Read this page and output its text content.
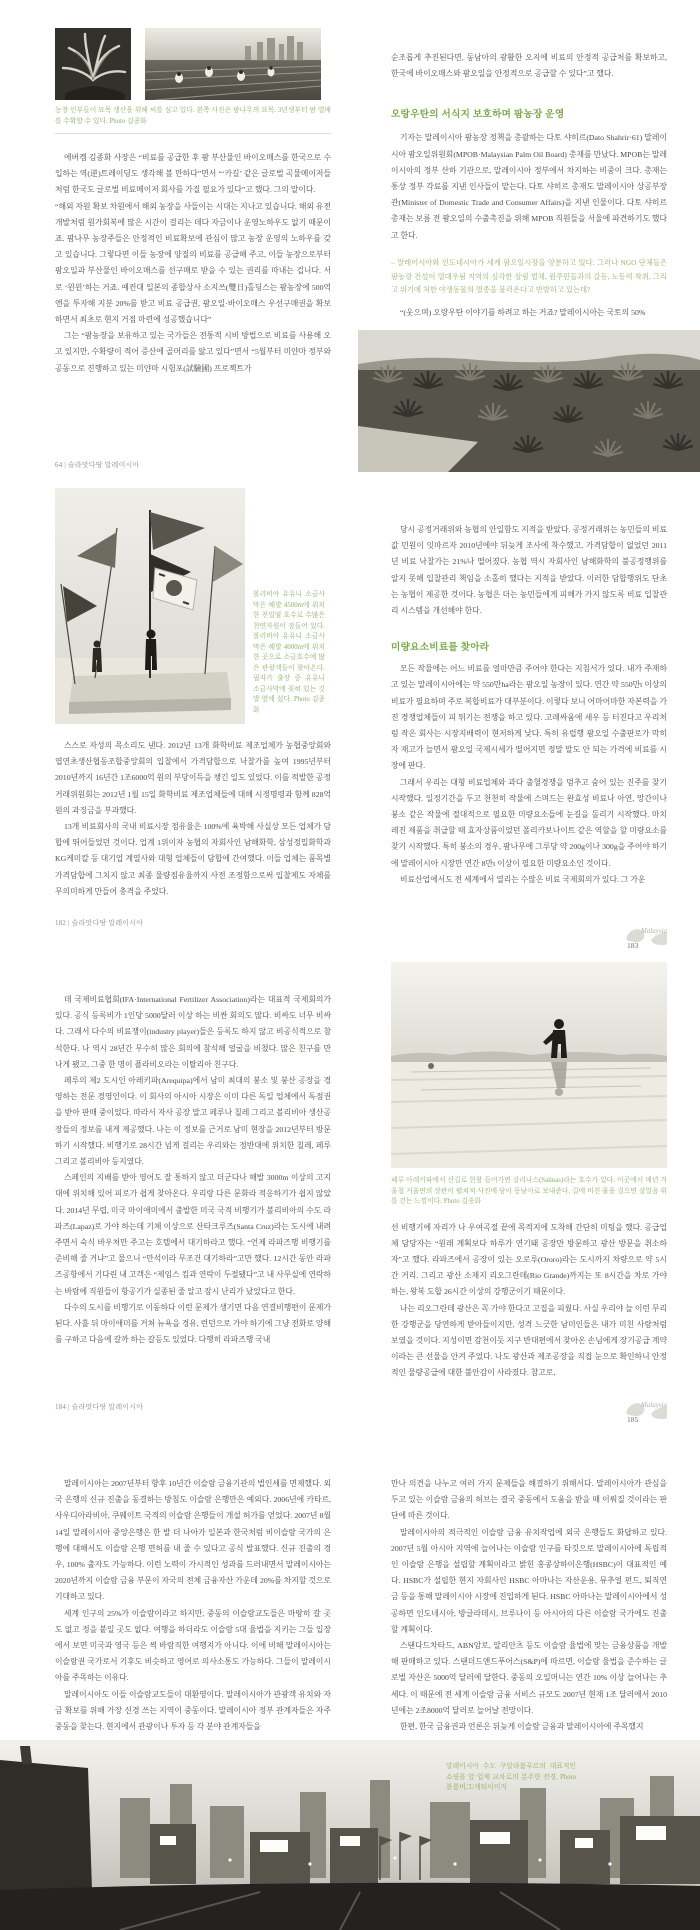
농장 인부들이 묘목 생산을 위해 씨를 심고 있다. 왼쪽 사진은 팜나무의 묘목. 3년생부터 팜 열매를 수확할 수 있다. Photo 김종화

에버켐 김종화 사장은 “비료를 공급한 후 팜 부산물인 바이오매스를 한국으로 수입하는 역(逆)트레이딩도 생각해 볼 만하다”면서 “‘카길’ 같은 글로벌 곡물메이저들처럼 한국도 글로벌 비료메이저 회사를 가질 필요가 있다”고 했다. 그의 말이다.

“해외 자원 확보 차원에서 해외 농장을 사들이는 시대는 지나고 있습니다. 해외 유전개발처럼 원가회복에 많은 시간이 걸리는 데다 자금이나 운영노하우도 없기 때문이죠. 팜나무 농장주들은 안정적인 비료확보에 관심이 많고 농장 운영의 노하우를 갖고 있습니다. 그렇다면 이들 농장에 양질의 비료를 공급해 주고, 이들 농장으로부터 팜오일과 부산물인 바이오매스를 선구매로 받을 수 있는 권리를 따내는 겁니다. 서로 ‘윈윈’하는 거죠. 예컨대 일본의 종합상사 소지쓰(雙日)홀딩스는 팜농장에 500억 엔을 투자해 지분 20%를 받고 비료 공급권, 팜오일·바이오매스 우선구매권을 확보하면서 최초로 현지 거점 마련에 성공했습니다”

그는 “팜농장을 보유하고 있는 국가들은 전통적 시비 방법으로 비료를 사용해 오고 있지만, 수확량이 적어 증산에 골머리를 앓고 있다”면서 “5월부터 미얀마 정부와 공동으로 진행하고 있는 미얀마 시험포(試驗圃) 프로젝트가

64 | 슬라맛다땅 말레이시아

순조롭게 추진된다면, 동남아의 광활한 오지에 비료의 안정적 공급처를 확보하고, 한국에 바이오매스와 팜오일을 안정적으로 공급할 수 있다”고 했다.

오랑우탄의 서식지 보호하며 팜농장 운영

기자는 말레이시아 팜농장 정책을 총괄하는 다토 샤히르(Dato Shahrir·61) 말레이시아 팜오일위원회(MPOB·Malaysian Palm Oil Board) 총재를 만났다. MPOB는 말레이시아의 정부 산하 기관으로, 말레이시아 정부에서 차지하는 비중이 크다. 총재는 통상 정부 각료를 지낸 인사들이 맡는다. 다토 샤히르 총재도 말레이시아 상공부장관(Minister of Domestic Trade and Consumer Affairs)을 지낸 인물이다. 다토 샤히르 총재는 보름 전 팜오일의 수출촉진을 위해 MPOB 직원들을 서울에 파견하기도 했다고 한다.

– 말레이시아와 인도네시아가 세계 팜오일시장을 양분하고 있다. 그러나 NGO 단체들은 팜농장 건설이 열대우림 지역의 심각한 삼림 벌채, 원주민들과의 갈등, 노동력 착취, 그리고 위기에 처한 야생동물의 멸종을 불러온다고 반발하고 있는데?

“(웃으며) 오랑우탄 이야기를 하려고 하는 거죠? 말레이시아는 국토의 50%

볼리비아 유유니 소금사막은 해발 4500m에 위치한 천일염 호수로 수많은 천연자원이 잠들어 있다. 볼리비아 유유니 소금사막은 해발 4000m에 위치한 곳으로 소금호수에 많은 관광객들이 찾아온다. 필자가 출장 중 유유니 소금사막에 꽂혀 있는 깃발 옆에 섰다. Photo 김종화

스스로 자성의 목소리도 낸다. 2012년 13개 화학비료 제조업체가 농협중앙회와 엽연초생산협동조합중앙회의 입찰에서 가격담합으로 낙찰가를 높여 1995년부터 2010년까지 16년간 1조6000억 원의 부당이득을 챙긴 일도 있었다. 이를 적발한 공정거래위원회는 2012년 1월 15일 화학비료 제조업체들에 대해 시정명령과 함께 828억 원의 과징금을 부과했다.

13개 비료회사의 국내 비료시장 점유율은 100%에 육박해 사실상 모든 업체가 담합에 뛰어들었던 것이다. 업계 1위이자 농협의 자회사인 남해화학, 삼성정밀화학과 KG케미칼 등 대기업 계열사와 대형 업체들이 담합에 간여했다. 이들 업체는 품목별 가격담합에 그치지 않고 최종 물량점유율까지 사전 조정함으로써 입찰제도 자체를 무의미하게 만들어 충격을 주었다.

182 | 슬라맛다땅 말레이시아

당시 공정거래위와 농협의 안일함도 지적을 받았다. 공정거래위는 농민들의 비료값 민원이 잇따르자 2010년에야 뒤늦게 조사에 착수했고, 가격담합이 없었던 2011년 비료 낙찰가는 21%나 떨어졌다. 농협 역시 자회사인 남해화학의 불공정행위를 알지 못해 입찰관리 책임을 소홀히 했다는 지적을 받았다. 이러한 담합행위도 단초는 농협이 제공한 것이다. 농협은 더는 농민들에게 피해가 가지 않도록 비료 입찰관리 시스템을 개선해야 한다.

미량요소비료를 찾아라

모든 작물에는 어느 비료를 얼마만큼 주어야 한다는 지침서가 있다. 내가 주재하고 있는 말레이시아에는 약 550만ha라는 팜오일 농장이 있다. 연간 약 550만t 이상의 비료가 필요하며 주로 복합비료가 대부분이다. 이렇다 보니 어마어마한 자본력을 가진 경쟁업체들이 피 튀기는 전쟁을 하고 있다. 고래싸움에 새우 등 터진다고 우리처럼 작은 회사는 시장지배력이 현저하게 낮다. 특히 유럽행 팜오일 수출판로가 막히자 재고가 늘면서 팜오일 국제시세가 떨어지면 정말 말도 안 되는 가격에 비료를 시장에 판다.

그래서 우리는 대형 비료업체와 과다 출혈경쟁을 멈추고 숨어 있는 진주를 찾기 시작했다. 일정기간을 두고 천천히 작물에 스며드는 완효성 비료나 아연, 망간이나 붕소 같은 작물에 절대적으로 필요한 미량요소들에 눈길을 돌리기 시작했다. 마치 레진 제품을 취급할 때 효자상품이었던 폴리카보나이트 같은 역할을 할 미량요소를 찾기 시작했다. 특히 붕소의 경우, 팜나무에 그루당 약 200g이나 300g을 주어야 하기에 말레이시아 시장만 연간 8만t 이상이 필요한 미량요소인 것이다.

비료산업에서도 전 세계에서 열리는 수많은 비료 국제회의가 있다. 그 가운

Malaysia
183

데 국제비료협회(IFA·International Fertilizer Association)라는 대표적 국제회의가 있다. 공식 등록비가 1인당 5000달러 이상 하는 비싼 회의도 많다. 비싸도 너무 비싸다. 그래서 다수의 비료쟁이(industry player)들은 등록도 하지 않고 비공식적으로 참석한다. 나 역시 28년간 무수히 많은 회의에 참석해 얼굴을 비쳤다. 많은 친구를 만나게 됐고, 그중 한 명이 플라비오라는 이탈리아 친구다.

페루의 제2 도시인 아레키파(Arequipa)에서 남미 최대의 붕소 및 붕산 공장을 경영하는 전문 경영인이다. 이 회사의 아시아 시장은 이미 다른 독일 업체에서 독점권을 받아 판매 중이었다. 따라서 자사 공장 말고 페루나 칠레 그리고 볼리비아 생산공장들의 정보를 내게 제공했다. 나는 이 정보를 근거로 남미 현장을 2012년부터 방문하기 시작했다. 비행기로 28시간 넘게 걸리는 우리와는 정반대에 위치한 칠레, 페루 그리고 볼리비아 등지였다.

스페인의 지배를 받아 영어도 잘 통하지 않고 더군다나 해발 3000m 이상의 고지대에 위치해 있어 피로가 쉽게 찾아온다. 우리랑 다른 문화라 적응하기가 쉽지 않았다. 2014년 무렵, 미국 마이애미에서 출발한 미국 국적 비행기가 볼리비아의 수도 라파즈(Lapaz)로 가야 하는데 기체 이상으로 산타크루즈(Santa Cruz)라는 도시에 내려주면서 숙식 바우처만 주고는 호텔에서 대기하라고 했다. “언제 라파즈행 비행기를 준비해 줄 거냐”고 물으니 “만석이라 무조건 대기하라”고만 했다. 12시간 동안 라파즈공항에서 기다린 내 고객은 “제임스 킴과 연락이 두절됐다”고 내 사무실에 연락하는 바람에 직원들이 항공기가 실종된 줄 알고 잠시 난리가 났었다고 한다.

다수의 도시를 비행기로 이동하다 이런 문제가 생기면 다음 연결비행편이 문제가 된다. 사흘 뒤 마이애미를 거쳐 뉴욕을 경유, 런던으로 가야 하기에 그냥 전화로 양해를 구하고 다음에 갈까 하는 갈등도 있었다. 다행히 라파즈행 국내

184 | 슬라맛다땅 말레이시아

페루 아레키파에서 산길로 한참 들어가면 살리나스(Salinas)라는 호수가 있다. 이곳에서 매년 겨울철 거울면의 장관이 펼쳐져 사진에 담아 동남아로 보내준다. 길에 비친 물을 걸으면 살얼음 위를 걷는 느낌이다. Photo 김종화

선 비행기에 자리가 나 우여곡절 끝에 목적지에 도착해 간단히 미팅을 했다. 공급업체 담당자는 “원래 계획보다 하루가 연기돼 공장만 방문하고 광산 방문을 취소하자”고 했다. 라파즈에서 공장이 있는 오로루(Ororo)라는 도시까지 차량으로 약 5시간 거리. 그리고 광산 소재지 리오그란데(Rio Grande)까지는 또 8시간을 차로 가야 하는, 왕복 도합 26시간 이상의 강행군이기 때문이다.

나는 리오그란데 광산은 꼭 가야 한다고 고집을 피웠다. 사실 우리야 늘 이런 무리한 강행군을 당연하게 받아들이지만, 성격 느긋한 남미인들은 내가 미친 사람처럼 보였을 것이다. 지성이면 감천이듯 지구 반대편에서 찾아온 손님에게 장기공급 계약이라는 큰 선물을 안겨 주었다. 나도 광산과 제조공장을 직접 눈으로 확인하니 안정적인 물량공급에 대한 불안감이 사라졌다. 참고로,

Malaysia
185

말레이시아는 2007년부터 향후 10년간 이슬람 금융기관의 법인세를 면제했다. 외국 은행의 신규 진출을 동결하는 방침도 이슬람 은행만은 예외다. 2006년에 카타르, 사우디아라비아, 쿠웨이트 국적의 이슬람 은행들이 개설 허가를 얻었다. 2007년 8월 14일 말레이시아 중앙은행은 한 발 더 나아가 일본과 한국처럼 비이슬람 국가의 은행에 대해서도 이슬람 은행 면허를 내 줄 수 있다고 공식 발표했다. 신규 진출의 경우, 100% 출자도 가능하다. 이런 노력이 가시적인 성과를 드러내면서 말레이시아는 2020년까지 이슬람 금융 부문이 자국의 전체 금융자산 가운데 20%를 차지할 것으로 기대하고 있다.

세계 인구의 25%가 이슬람이라고 하지만, 중동의 이슬람교도들은 마땅히 갈 곳도 없고 정을 붙일 곳도 없다. 여행을 하더라도 이슬람 5대 율법을 지키는 그들 입장에서 보면 미국과 영국 등은 썩 바람직한 여행지가 아니다. 이에 비해 말레이시아는 이슬람권 국가로서 기후도 비슷하고 영어로 의사소통도 가능하다. 그들이 말레이시아를 주목하는 이유다.

말레이시아도 이들 이슬람교도들이 대환영이다. 말레이시아가 관광객 유치와 자금 확보를 위해 가장 신경 쓰는 지역이 중동이다. 말레이시아 정부 관계자들은 자주 중동을 찾는다. 현지에서 관광이나 투자 등 각 분야 관계자들을

만나 의견을 나누고 여러 가지 문제들을 해결하기 위해서다. 말레이시아가 관심을 두고 있는 이슬람 금융의 허브는 결국 중동에서 도움을 받을 때 이뤄질 것이라는 판단에 따른 것이다.

말레이시아의 적극적인 이슬람 금융 유치작업에 외국 은행들도 화답하고 있다. 2007년 5월 아시아 지역에 늘어나는 이슬람 인구를 타깃으로 말레이시아에 독립적인 이슬람 은행을 설립할 계획이라고 밝힌 홍콩상하이은행(HSBC)이 대표적인 예다. HSBC가 설립한 현지 자회사인 HSBC 아마나는 자산운용, 뮤추얼 펀드, 퇴직연금 등을 통해 말레이시아 시장에 진입하게 된다. HSBC 아마나는 말레이시아에서 성공하면 인도네시아, 방글라데시, 브루나이 등 아시아의 다른 이슬람 국가에도 진출할 계획이다.

스탠다드차타드, ABN암로, 알리안츠 등도 이슬람 율법에 맞는 금융상품을 개발해 판매하고 있다. 스탠더드앤드푸어스(S&P)에 따르면, 이슬람 율법을 준수하는 글로벌 자산은 5000억 달러에 달한다. 중동의 오일머니는 연간 10% 이상 늘어나는 추세다. 이 때문에 전 세계 이슬람 금융 서비스 규모도 2007년 현재 1조 달러에서 2010년에는 2조8000억 달러로 늘어날 전망이다.

한편, 한국 금융권과 언론은 뒤늦게 이슬람 금융과 말레이시아에 주목했지

말레이시아 수도 쿠알라룸푸르의 대표적인 쇼핑몰 앞 입체 교차로의 분주한 전경. Photo 블룸버그/게티이미지
